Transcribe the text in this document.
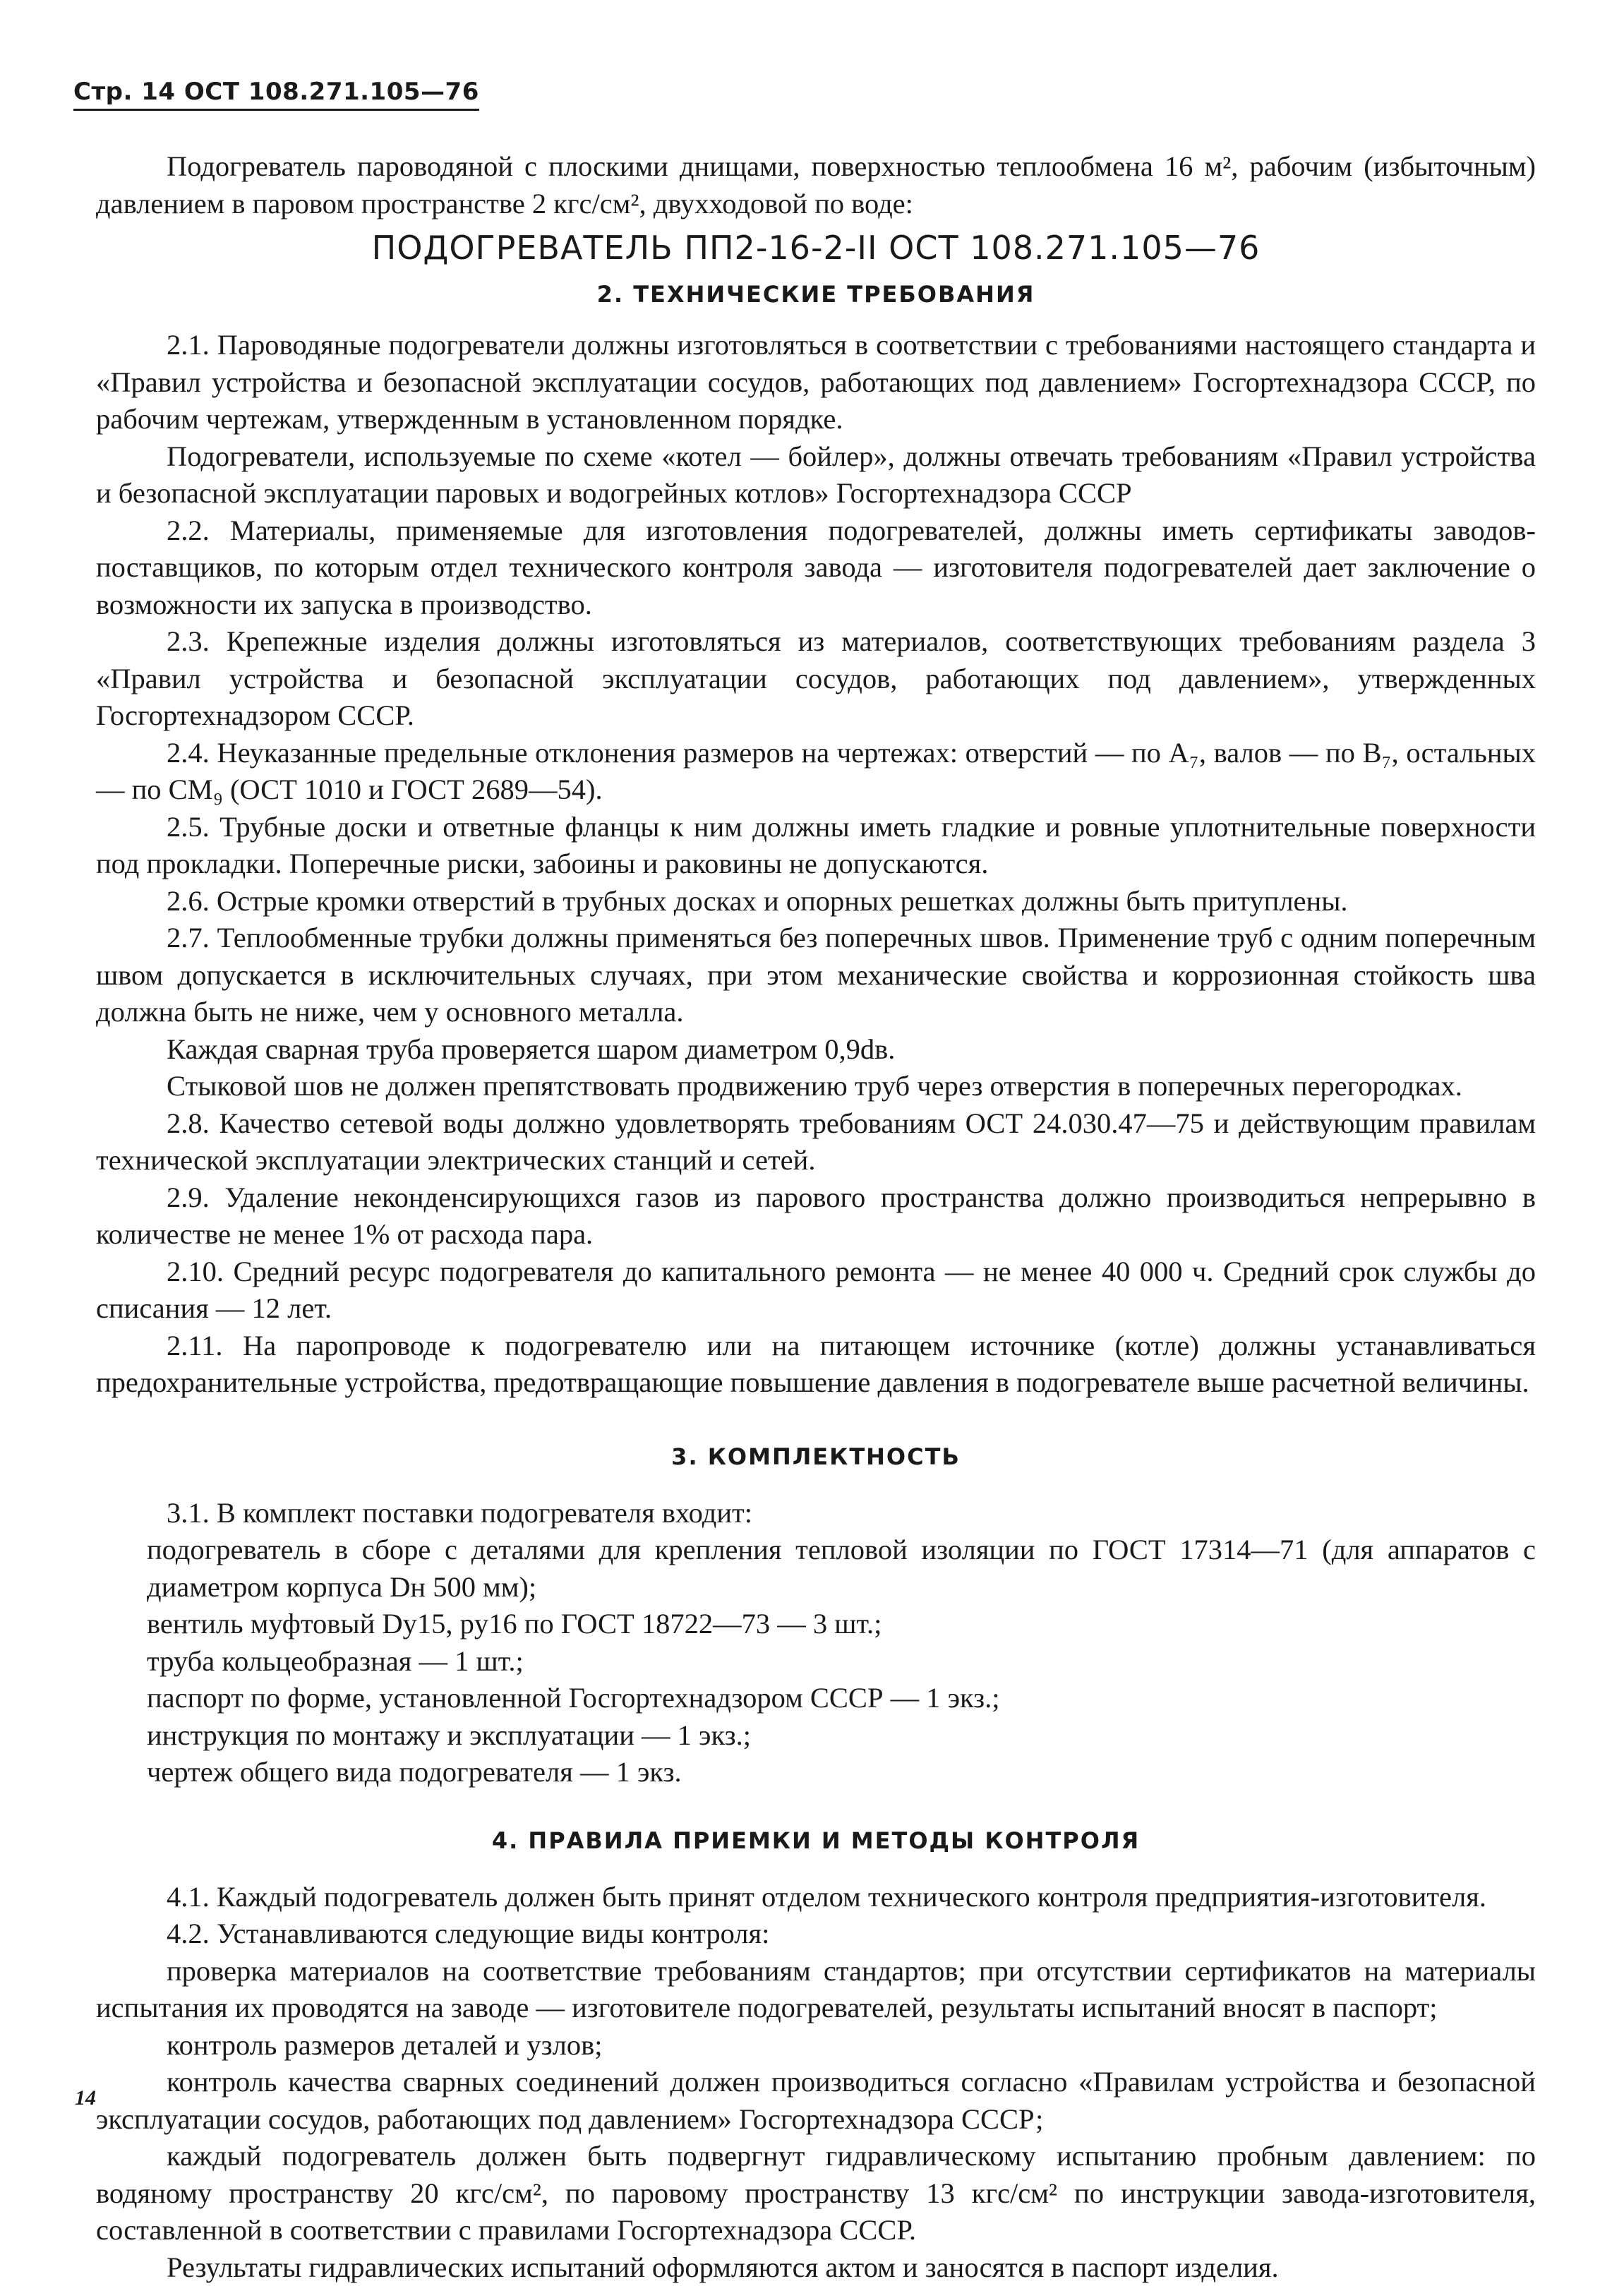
Стр. 14 ОСТ 108.271.105—76

Подогреватель пароводяной с плоскими днищами, поверхностью теплообмена 16 м², рабочим (избыточным) давлением в паровом пространстве 2 кгс/см², двухходовой по воде:

ПОДОГРЕВАТЕЛЬ ПП2-16-2-II ОСТ 108.271.105—76

2. ТЕХНИЧЕСКИЕ ТРЕБОВАНИЯ

2.1. Пароводяные подогреватели должны изготовляться в соответствии с требованиями настоящего стандарта и «Правил устройства и безопасной эксплуатации сосудов, работающих под давлением» Госгортехнадзора СССР, по рабочим чертежам, утвержденным в установленном порядке.

Подогреватели, используемые по схеме «котел — бойлер», должны отвечать требованиям «Правил устройства и безопасной эксплуатации паровых и водогрейных котлов» Госгортехнадзора СССР

2.2. Материалы, применяемые для изготовления подогревателей, должны иметь сертификаты заводов-поставщиков, по которым отдел технического контроля завода — изготовителя подогревателей дает заключение о возможности их запуска в производство.

2.3. Крепежные изделия должны изготовляться из материалов, соответствующих требованиям раздела 3 «Правил устройства и безопасной эксплуатации сосудов, работающих под давлением», утвержденных Госгортехнадзором СССР.

2.4. Неуказанные предельные отклонения размеров на чертежах: отверстий — по A₇, валов — по B₇, остальных — по CM₉ (ОСТ 1010 и ГОСТ 2689—54).

2.5. Трубные доски и ответные фланцы к ним должны иметь гладкие и ровные уплотнительные поверхности под прокладки. Поперечные риски, забоины и раковины не допускаются.

2.6. Острые кромки отверстий в трубных досках и опорных решетках должны быть притуплены.

2.7. Теплообменные трубки должны применяться без поперечных швов. Применение труб с одним поперечным швом допускается в исключительных случаях, при этом механические свойства и коррозионная стойкость шва должна быть не ниже, чем у основного металла.

Каждая сварная труба проверяется шаром диаметром 0,9dв.

Стыковой шов не должен препятствовать продвижению труб через отверстия в поперечных перегородках.

2.8. Качество сетевой воды должно удовлетворять требованиям ОСТ 24.030.47—75 и действующим правилам технической эксплуатации электрических станций и сетей.

2.9. Удаление неконденсирующихся газов из парового пространства должно производиться непрерывно в количестве не менее 1% от расхода пара.

2.10. Средний ресурс подогревателя до капитального ремонта — не менее 40 000 ч. Средний срок службы до списания — 12 лет.

2.11. На паропроводе к подогревателю или на питающем источнике (котле) должны устанавливаться предохранительные устройства, предотвращающие повышение давления в подогревателе выше расчетной величины.

3. КОМПЛЕКТНОСТЬ

3.1. В комплект поставки подогревателя входит:

подогреватель в сборе с деталями для крепления тепловой изоляции по ГОСТ 17314—71 (для аппаратов с диаметром корпуса Dн 500 мм);

вентиль муфтовый Dу15, pу16 по ГОСТ 18722—73 — 3 шт.;

труба кольцеобразная — 1 шт.;

паспорт по форме, установленной Госгортехнадзором СССР — 1 экз.;

инструкция по монтажу и эксплуатации — 1 экз.;

чертеж общего вида подогревателя — 1 экз.

4. ПРАВИЛА ПРИЕМКИ И МЕТОДЫ КОНТРОЛЯ

4.1. Каждый подогреватель должен быть принят отделом технического контроля предприятия-изготовителя.

4.2. Устанавливаются следующие виды контроля:

проверка материалов на соответствие требованиям стандартов; при отсутствии сертификатов на материалы испытания их проводятся на заводе — изготовителе подогревателей, результаты испытаний вносят в паспорт;

контроль размеров деталей и узлов;

контроль качества сварных соединений должен производиться согласно «Правилам устройства и безопасной эксплуатации сосудов, работающих под давлением» Госгортехнадзора СССР;

каждый подогреватель должен быть подвергнут гидравлическому испытанию пробным давлением: по водяному пространству 20 кгс/см², по паровому пространству 13 кгс/см² по инструкции завода-изготовителя, составленной в соответствии с правилами Госгортехнадзора СССР.

Результаты гидравлических испытаний оформляются актом и заносятся в паспорт изделия.

14
